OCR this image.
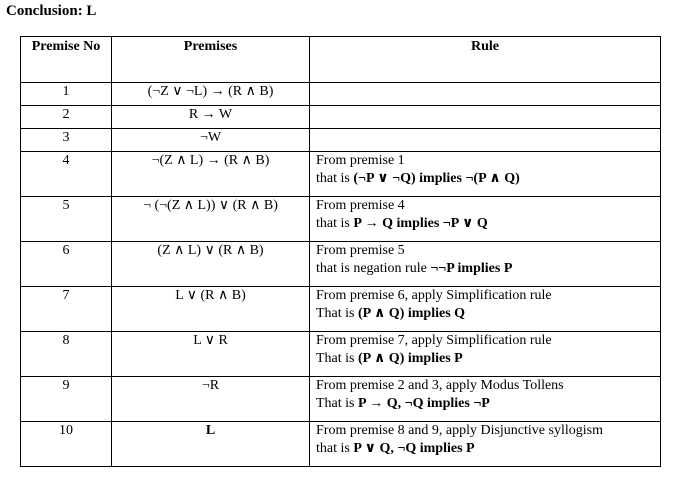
Conclusion: L
Premise No	Premises	Rule
1	(¬Z ∨ ¬L) → (R ∧ B)	
2	R → W	
3	¬W	
4	¬(Z ∧ L) → (R ∧ B)	From premise 1
that is (¬P ∨ ¬Q) implies ¬(P ∧ Q)

5	¬ (¬(Z ∧ L)) ∨ (R ∧ B)	From premise 4
that is P → Q implies ¬P ∨ Q

6	(Z ∧ L) ∨ (R ∧ B)	From premise 5
that is negation rule ¬¬P implies P

7	L ∨ (R ∧ B)	From premise 6, apply Simplification rule
That is (P ∧ Q) implies Q

8	L ∨ R	From premise 7, apply Simplification rule
That is (P ∧ Q) implies P

9	¬R	From premise 2 and 3, apply Modus Tollens
That is P → Q, ¬Q implies ¬P

10	L	From premise 8 and 9, apply Disjunctive syllogism
that is P ∨ Q, ¬Q implies P
